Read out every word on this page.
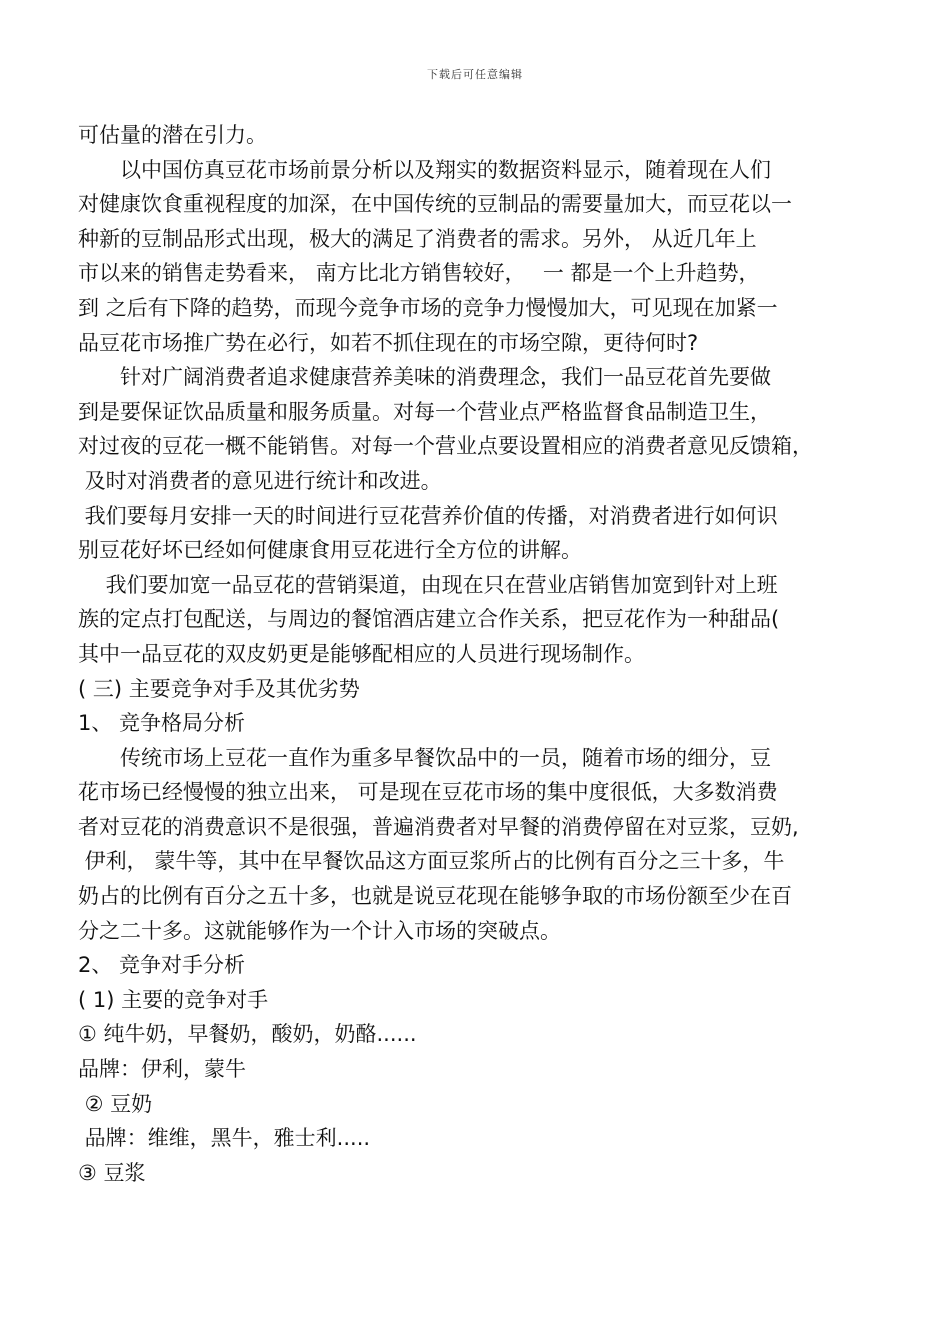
下载后可任意编辑
可估量的潜在引力。
　　以中国仿真豆花市场前景分析以及翔实的数据资料显示，随着现在人们
对健康饮食重视程度的加深，在中国传统的豆制品的需要量加大，而豆花以一
种新的豆制品形式出现，极大的满足了消费者的需求。另外， 从近几年上
市以来的销售走势看来， 南方比北方销售较好，　 一 都是一个上升趋势，
到 之后有下降的趋势，而现今竞争市场的竞争力慢慢加大，可见现在加紧一
品豆花市场推广势在必行，如若不抓住现在的市场空隙，更待何时?
　　针对广阔消费者追求健康营养美味的消费理念，我们一品豆花首先要做
到是要保证饮品质量和服务质量。对每一个营业点严格监督食品制造卫生，
对过夜的豆花一概不能销售。对每一个营业点要设置相应的消费者意见反馈箱，
及时对消费者的意见进行统计和改进。
我们要每月安排一天的时间进行豆花营养价值的传播，对消费者进行如何识
别豆花好坏已经如何健康食用豆花进行全方位的讲解。
　 我们要加宽一品豆花的营销渠道，由现在只在营业店销售加宽到针对上班
族的定点打包配送，与周边的餐馆酒店建立合作关系，把豆花作为一种甜品(
其中一品豆花的双皮奶更是能够配相应的人员进行现场制作。
( 三) 主要竞争对手及其优劣势
1、 竞争格局分析
　　传统市场上豆花一直作为重多早餐饮品中的一员，随着市场的细分，豆
花市场已经慢慢的独立出来， 可是现在豆花市场的集中度很低，大多数消费
者对豆花的消费意识不是很强，普遍消费者对早餐的消费停留在对豆浆，豆奶,
伊利， 蒙牛等，其中在早餐饮品这方面豆浆所占的比例有百分之三十多，牛
奶占的比例有百分之五十多，也就是说豆花现在能够争取的市场份额至少在百
分之二十多。这就能够作为一个计入市场的突破点。
2、 竞争对手分析
( 1) 主要的竞争对手
① 纯牛奶，早餐奶，酸奶，奶酪......
品牌：伊利，蒙牛
② 豆奶
品牌：维维，黑牛，雅士利.....
③ 豆浆
